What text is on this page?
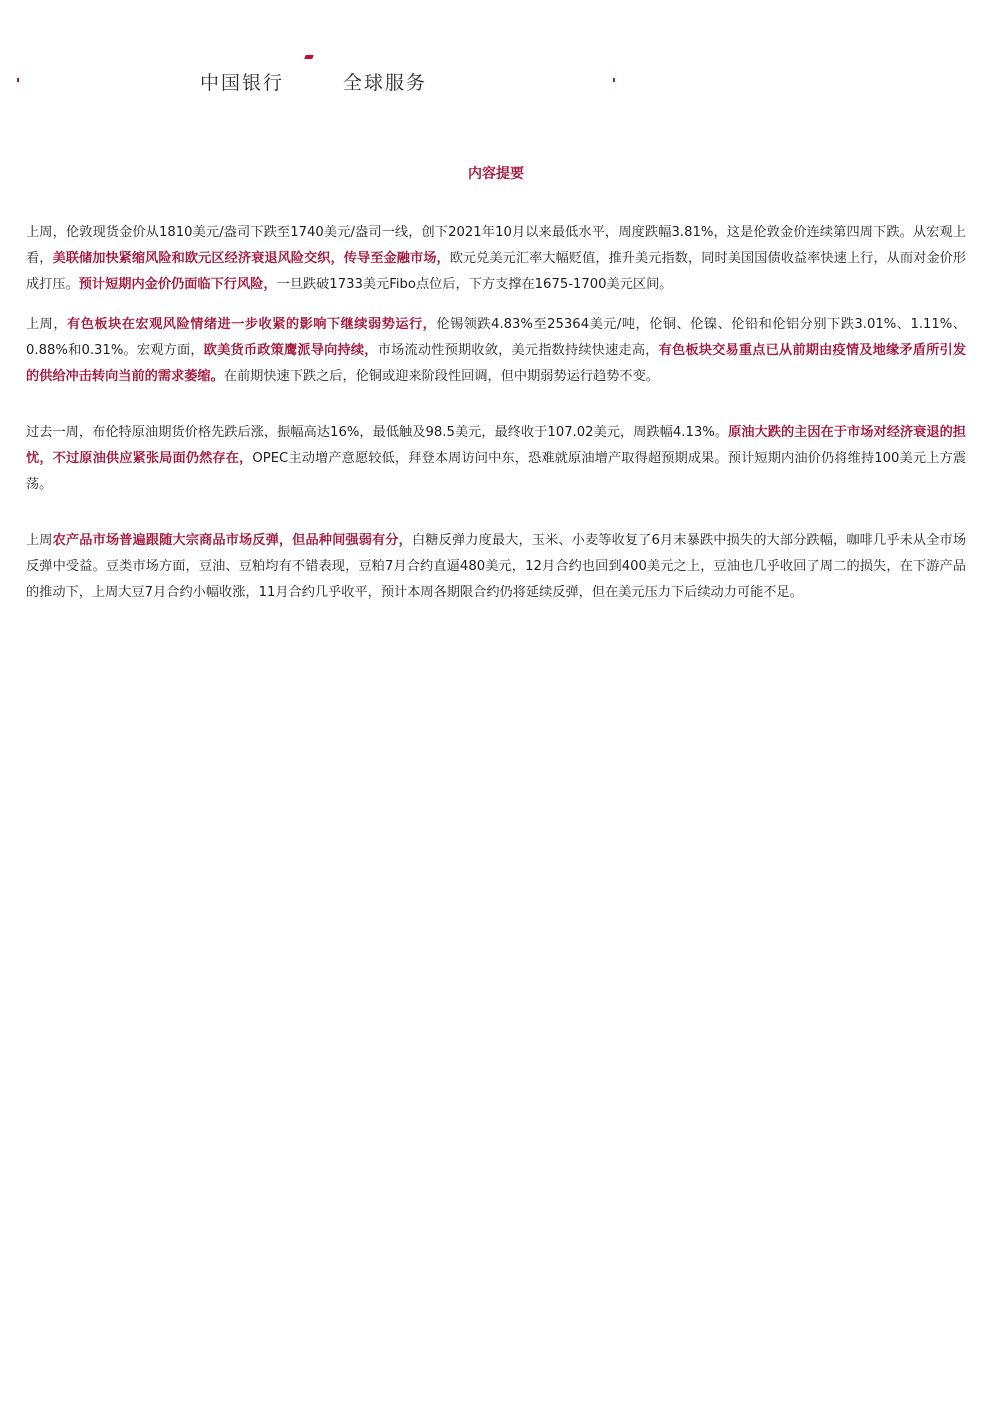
中国银行	全球服务
内容提要

上周，伦敦现货金价从1810美元/盎司下跌至1740美元/盎司一线，创下2021年10月以来最低水平，周度跌幅3.81%，这是伦敦金价连续第四周下跌。从宏观上看，美联储加快紧缩风险和欧元区经济衰退风险交织，传导至金融市场，欧元兑美元汇率大幅贬值，推升美元指数，同时美国国债收益率快速上行，从而对金价形成打压。预计短期内金价仍面临下行风险，一旦跌破1733美元Fibo点位后，下方支撑在1675-1700美元区间。

上周，有色板块在宏观风险情绪进一步收紧的影响下继续弱势运行，伦锡领跌4.83%至25364美元/吨，伦铜、伦镍、伦铅和伦铝分别下跌3.01%、1.11%、0.88%和0.31%。宏观方面，欧美货币政策鹰派导向持续，市场流动性预期收敛，美元指数持续快速走高，有色板块交易重点已从前期由疫情及地缘矛盾所引发的供给冲击转向当前的需求萎缩。在前期快速下跌之后，伦铜或迎来阶段性回调，但中期弱势运行趋势不变。

过去一周，布伦特原油期货价格先跌后涨，振幅高达16%，最低触及98.5美元，最终收于107.02美元，周跌幅4.13%。原油大跌的主因在于市场对经济衰退的担忧，不过原油供应紧张局面仍然存在，OPEC主动增产意愿较低，拜登本周访问中东，恐难就原油增产取得超预期成果。预计短期内油价仍将维持100美元上方震荡。

上周农产品市场普遍跟随大宗商品市场反弹，但品种间强弱有分，白糖反弹力度最大，玉米、小麦等收复了6月末暴跌中损失的大部分跌幅，咖啡几乎未从全市场反弹中受益。豆类市场方面，豆油、豆粕均有不错表现，豆粕7月合约直逼480美元，12月合约也回到400美元之上，豆油也几乎收回了周二的损失，在下游产品的推动下，上周大豆7月合约小幅收涨，11月合约几乎收平，预计本周各期限合约仍将延续反弹，但在美元压力下后续动力可能不足。
